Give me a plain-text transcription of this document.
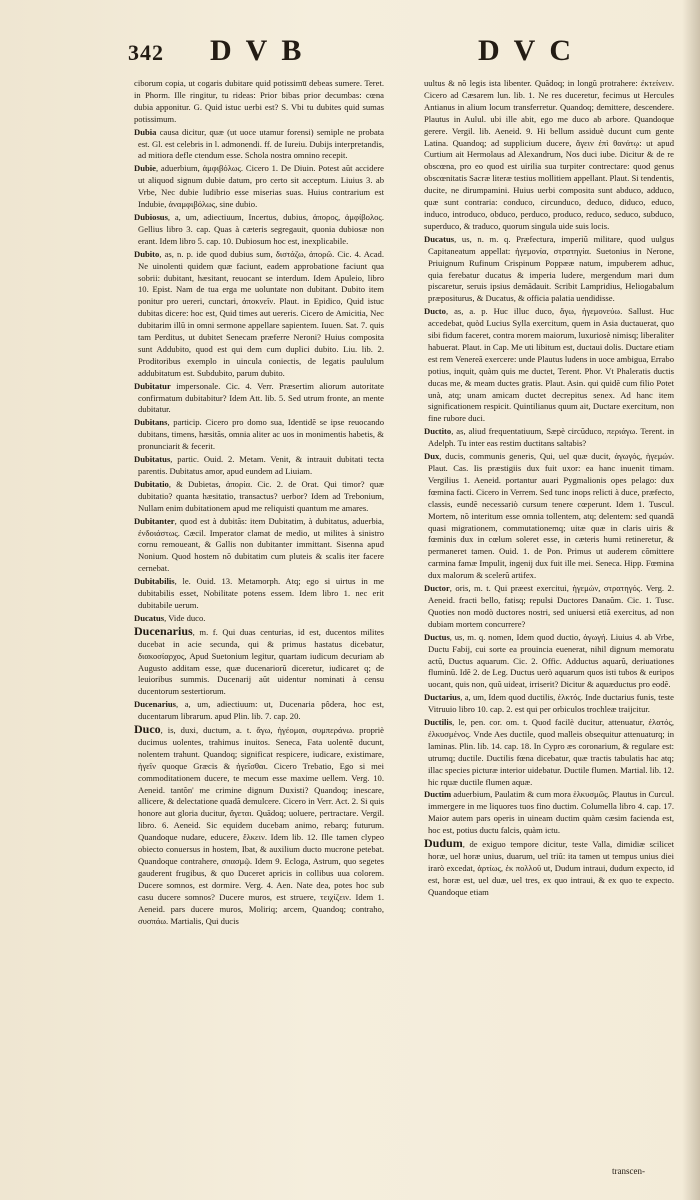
342 DVB	DVC

ciborum copia, ut cogaris dubitare quid potissimu̅ debeas sumere. Teret. in Phorm. Ille ringitur, tu rideas: Prior bibas prior decumbas: cœna dubia apponitur. G. Quid istuc uerbi est? S. Vbi tu dubites quid sumas potissimum.

Dubia causa dicitur, quæ (ut uoce utamur forensi) semiple ne probata est. Gl. est celebris in l. admonendi. ff. de Iureiu. Dubijs interpretandis, ad mitiora defle ctendum esse. Schola nostra omnino recepit.

Dubie, aduerbium, ἀμφιβόλως. Cicero 1. De Diuin. Potest aũt accidere ut aliquod signum dubie datum, pro certo sit acceptum. Liuius 3. ab Vrbe, Nec dubie ludibrio esse miserias suas. Huius contrarium est Indubie, ἀναμφιβόλως, sine dubio.

Dubiosus, a, um, adiectiuum, Incertus, dubius, ἀπορος, ἀμφίβολος. Gellius libro 3. cap. Quas à cæteris segregauit, quonia dubiosæ non erant. Idem libro 5. cap. 10. Dubiosum hoc est, inexplicabile.

Dubito, as, n. p. ide quod dubius sum, διστάζω, ἀπορῶ. Cic. 4. Acad. Ne uinolenti quidem quæ faciunt, eadem approbatione faciunt qua sobrii: dubitant, hæsitant, reuocant se interdum. Idem Apuleio, libro 10. Epist. Nam de tua erga me uoluntate non dubitant. Dubito item ponitur pro uereri, cunctari, ἀποκνεῖν. Plaut. in Epidico, Quid istuc dubitas dicere: hoc est, Quid times aut uereris. Cicero de Amicitia, Nec dubitarim illũ in omni sermone appellare sapientem. Iuuen. Sat. 7. quis tam Perditus, ut dubitet Senecam præferre Neroni? Huius composita sunt Addubito, quod est qui dem cum duplici dubito. Liu. lib. 2. Proditoribus exemplo in uincula coniectis, de legatis paululum addubitatum est. Subdubito, parum dubito.

Dubitatur impersonale. Cic. 4. Verr. Præsertim aliorum autoritate confirmatum dubitabitur? Idem Att. lib. 5. Sed utrum fronte, an mente dubitatur.

Dubitans, particip. Cicero pro domo sua, Identidẽ se ipse reuocando dubitans, timens, hæsitãs, omnia aliter ac uos in monimentis habetis, & pronunciarit & fecerit.

Dubitatus, partic. Ouid. 2. Metam. Venit, & intrauit dubitati tecta parentis. Dubitatus amor, apud eundem ad Liuiam.

Dubitatio, & Dubietas, ἀπορία. Cic. 2. de Orat. Qui timor? quæ dubitatio? quanta hæsitatio, transactus? uerbor? Idem ad Trebonium, Nullam enim dubitationem apud me reliquisti quantum me amares.

Dubitanter, quod est à dubitãs: item Dubitatim, à dubitatus, aduerbia, ἐνδοιάστως. Cæcil. Imperator clamat de medio, ut milites à sinistro cornu remoueant, & Gallis non dubitanter immittant. Sisenna apud Nonium. Quod hostem nõ dubitatim cum pluteis & scalis iter facere cernebat.

Dubitabilis, le. Ouid. 13. Metamorph. Atq; ego si uirtus in me dubitabilis esset, Nobilitate potens essem. Idem libro 1. nec erit dubitabile uerum.

Ducatus, Vide duco.

Ducenarius, m. f. Qui duas centurias, id est, ducentos milites ducebat in acie secunda, qui & primus hastatus dicebatur, διακοσίαρχος, Apud Suetonium legitur, quartam iudicum decuriam ab Augusto additam esse, quæ ducenariorũ diceretur, iudicaret q; de leuioribus summis. Ducenarij aũt uidentur nominati à censu ducentorum sestertiorum.

Ducenarius, a, um, adiectiuum: ut, Ducenaria pôdera, hoc est, ducentarum librarum. apud Plin. lib. 7. cap. 20.

Duco, is, duxi, ductum, a. t. ἄγω, ἡγέομαι, συμπεράνω. propriè ducimus uolentes, trahimus inuitos. Seneca, Fata uolentẽ ducunt, nolentem trahunt. Quandoq; significat respicere, iudicare, existimare, ἡγεῖν quoque Græcis & ἡγεῖσθαι. Cicero Trebatio, Ego si mei commoditationem ducere, te mecum esse maxime uellem. Verg. 10. Aeneid. tantõn' me crimine dignum Duxisti? Quandoq; inescare, allicere, & delectatione quadã demulcere. Cicero in Verr. Act. 2. Si quis honore aut gloria ducitur, ἄγεται. Quãdoq; uoluere, pertractare. Vergil. libro. 6. Aeneid. Sic equidem ducebam animo, rebarq; futurum. Quandoque nudare, educere, ἕλκειν. Idem lib. 12. Ille tamen clypeo obiecto conuersus in hostem, Ibat, & auxilium ducto mucrone petebat. Quandoque contrahere, σπασμῷ. Idem 9. Ecloga, Astrum, quo segetes gauderent frugibus, & quo Duceret apricis in collibus uua colorem. Ducere somnos, est dormire. Verg. 4. Aen. Nate dea, potes hoc sub casu ducere somnos? Ducere muros, est struere, τειχίζειν. Idem 1. Aeneid. pars ducere muros, Moliriq; arcem, Quandoq; contraho, συσπάω. Martialis, Qui ducis

uultus & nõ legis ista libenter. Quãdoq; in longũ protrahere: ἐκτείνειν. Cicero ad Cæsarem lun. lib. 1. Ne res duceretur, fecimus ut Hercules Antianus in alium locum transferretur. Quandoq; demittere, descendere. Plautus in Aulul. ubi ille abit, ego me duco ab arbore. Quandoque gerere. Vergil. lib. Aeneid. 9. Hi bellum assiduè ducunt cum gente Latina. Quandoq; ad supplicium ducere, ἄγειν ἐπὶ θανάτῳ: ut apud Curtium ait Hermolaus ad Alexandrum, Nos duci iube. Dicitur & de re obscœna, pro eo quod est uirilia sua turpiter contrectare: quod genus obscœnitatis Sacræ literæ testius mollitiem appellant. Plaut. Si tendentis, ducite, ne dirumpamini. Huius uerbi composita sunt abduco, adduco, quæ sunt contraria: conduco, circunduco, deduco, diduco, educo, induco, introduco, obduco, perduco, produco, reduco, seduco, subduco, superduco, & traduco, quorum singula uide suis locis.

Ducatus, us, n. m. q. Præfectura, imperiũ militare, quod uulgus Capitaneatum appellat: ἡγεμονία, στρατηγία. Suetonius in Nerone, Priuignum Rufinum Crispinum Poppææ natum, impuberem adhuc, quia ferebatur ducatus & imperia ludere, mergendum mari dum piscaretur, seruis ipsius demãdauit. Scribit Lampridius, Heliogabalum præpositurus, & Ducatus, & officia palatia uendidisse.

Ducto, as, a. p. Huc illuc duco, ἄγω, ἡγεμονεύω. Sallust. Huc accedebat, quòd Lucius Sylla exercitum, quem in Asia ductauerat, quo sibi fidum faceret, contra morem maiorum, luxuriosè nimisq; liberaliter habuerat. Plaut. in Cap. Me uti libitum est, ductaui dolis. Ductare etiam est rem Venereã exercere: unde Plautus ludens in uoce ambigua, Errabo potius, inquit, quàm quis me ductet, Terent. Phor. Vt Phaleratis ductis ducas me, & meam ductes gratis. Plaut. Asin. qui quidẽ cum filio Potet unà, atq; unam amicam ductet decrepitus senex. Ad hanc item significationem respicit. Quintilianus quum ait, Ductare exercitum, non fine rubore duci.

Ductito, as, aliud frequentatiuum, Sæpè circũduco, περιάγω. Terent. in Adelph. Tu inter eas restim ductitans saltabis?

Dux, ducis, communis generis, Qui, uel quæ ducit, ἀγωγός, ἡγεμών. Plaut. Cas. Iis præstigiis dux fuit uxor: ea hanc inuenit timam. Vergilius 1. Aeneid. portantur auari Pygmalionis opes pelago: dux fœmina facti. Cicero in Verrem. Sed tunc inops relicti à duce, præfecto, classis, eundẽ necessariò cursum tenere cœperunt. Idem 1. Tuscul. Mortem, nõ interitum esse omnia tollentem, atq; delentem: sed quandã quasi migrationem, commutationemq; uitæ quæ in claris uiris & fœminis dux in cœlum soleret esse, in cæteris humi retineretur, & permaneret tamen. Ouid. 1. de Pon. Primus ut auderem cõmittere carmina famæ Impulit, ingenij dux fuit ille mei. Seneca. Hipp. Fœmina dux malorum & scelerũ artifex.

Ductor, oris, m. t. Qui præest exercitui, ἡγεμών, στρατηγός. Verg. 2. Aeneid. fracti bello, fatisq; repulsi Ductores Danaũm. Cic. 1. Tusc. Quoties non modò ductores nostri, sed uniuersi etiã exercitus, ad non dubiam mortem concurrere?

Ductus, us, m. q. nomen, Idem quod ductio, ἀγωγή. Liuius 4. ab Vrbe, Ductu Fabij, cui sorte ea prouincia euenerat, nihil dignum memoratu actũ, Ductus aquarum. Cic. 2. Offic. Adductus aquarũ, deriuationes fluminũ. Idẽ 2. de Leg. Ductus uerò aquarum quos isti tubos & euripos uocant, quis non, quũ uideat, irriserit? Dicitur & aquæductus pro eodẽ.

Ductarius, a, um, Idem quod ductilis, ἑλκτός. Inde ductarius funis, teste Vitruuio libro 10. cap. 2. est qui per orbiculos trochleæ traijcitur.

Ductilis, le, pen. cor. om. t. Quod facilè ducitur, attenuatur, ἐλατός, ἐλκυσμένος. Vnde Aes ductile, quod malleis obsequitur attenuaturq; in laminas. Plin. lib. 14. cap. 18. In Cypro æs coronarium, & regulare est: utrumq; ductile. Ductilis fœna dicebatur, quæ tractis tabulatis hac atq; illac species picturæ interior uidebatur. Ductile flumen. Martial. lib. 12. hic rquæ ductile flumen aquæ.

Ductim aduerbium, Paulatim & cum mora ἑλκυσμῶς. Plautus in Curcul. immergere in me liquores tuos fino ductim. Columella libro 4. cap. 17. Maior autem pars operis in uineam ductim quàm cæsim facienda est, hoc est, potius ductu falcis, quàm ictu.

Dudum, de exiguo tempore dicitur, teste Valla, dimidiæ scilicet horæ, uel horæ unius, duarum, uel triũ: ita tamen ut tempus unius diei irarò excedat, ἀρτίως, ἐκ πολλοῦ ut, Dudum intraui, dudum expecto, id est, horæ est, uel duæ, uel tres, ex quo intraui, & ex quo te expecto. Quandoque etiam

transcen-
